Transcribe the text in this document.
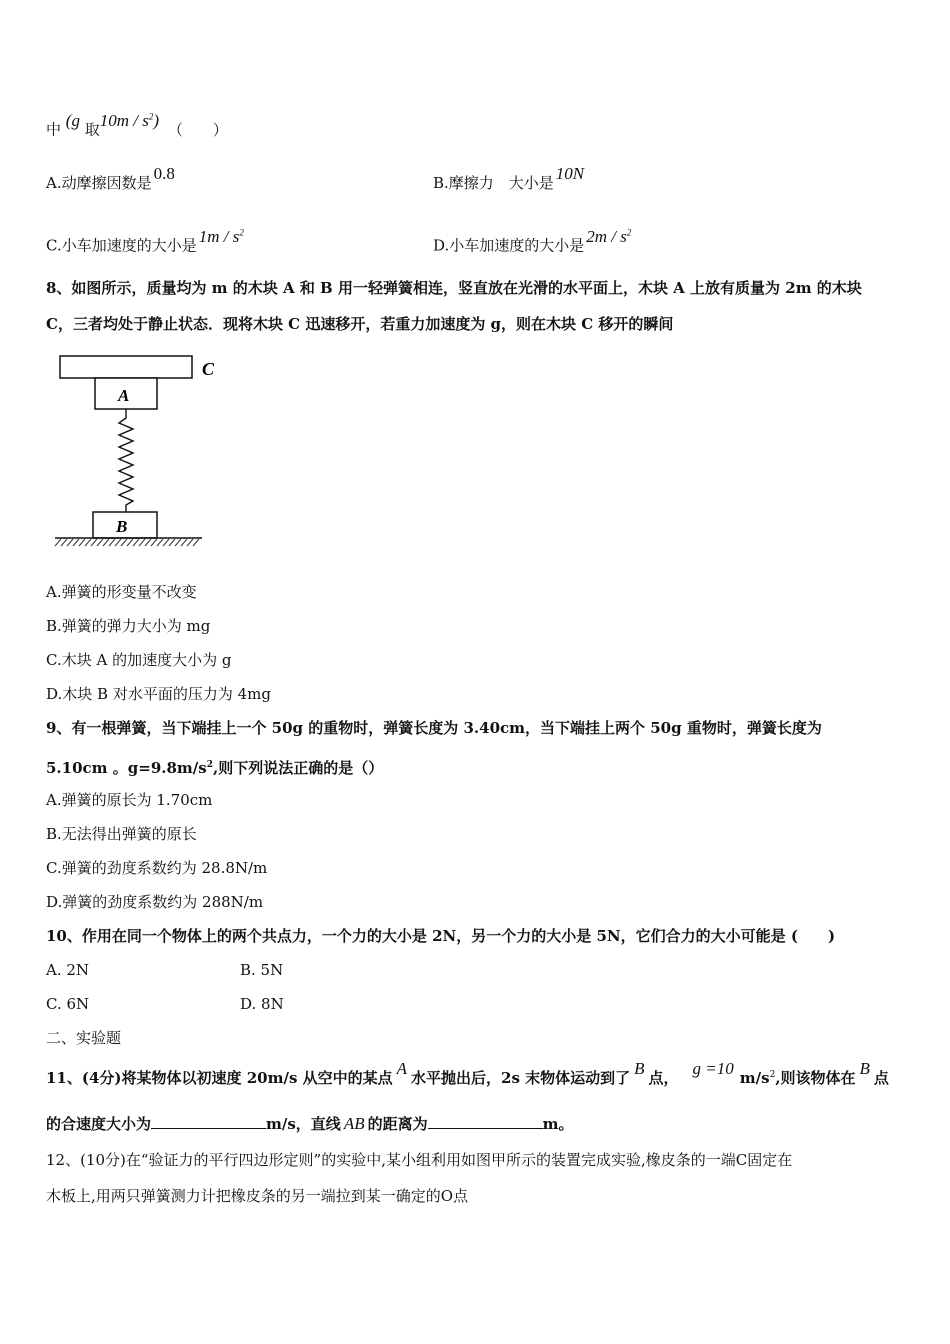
中 (g 取$10m / s^2$) （　　）
A.动摩擦因数是 0.8	B.摩擦力　大小是 10N
C.小车加速度的大小是 $1m / s^2$
D.小车加速度的大小是 $2m / s^2$
8、如图所示，质量均为 m 的木块 A 和 B 用一轻弹簧相连，竖直放在光滑的水平面上，木块 A 上放有质量为 2m 的木块
C，三者均处于静止状态．现将木块 C 迅速移开，若重力加速度为 g，则在木块 C 移开的瞬间
C
A
B
A.弹簧的形变量不改变
B.弹簧的弹力大小为 mg
C.木块 A 的加速度大小为 g
D.木块 B 对水平面的压力为 4mg
9、有一根弹簧，当下端挂上一个 50g 的重物时，弹簧长度为 3.40cm，当下端挂上两个 50g 重物时，弹簧长度为
5.10cm 。$g=9.8m/s^2$,则下列说法正确的是（）
A.弹簧的原长为 1.70cm
B.无法得出弹簧的原长
C.弹簧的劲度系数约为 28.8N/m
D.弹簧的劲度系数约为 288N/m
10、作用在同一个物体上的两个共点力，一个力的大小是 2N，另一个力的大小是 5N，它们合力的大小可能是 (　　)
A. 2N	B. 5N
C. 6N	D. 8N
二、实验题
11、(4分)将某物体以初速度 20m/s 从空中的某点 A 水平抛出后，2s 末物体运动到了 B 点， g =10 $m/s^2$,则该物体在 B 点
的合速度大小为	m/s，直线 AB 的距离为	m。
12、(10分)在“验证力的平行四边形定则”的实验中,某小组利用如图甲所示的装置完成实验,橡皮条的一端C固定在
木板上,用两只弹簧测力计把橡皮条的另一端拉到某一确定的O点
